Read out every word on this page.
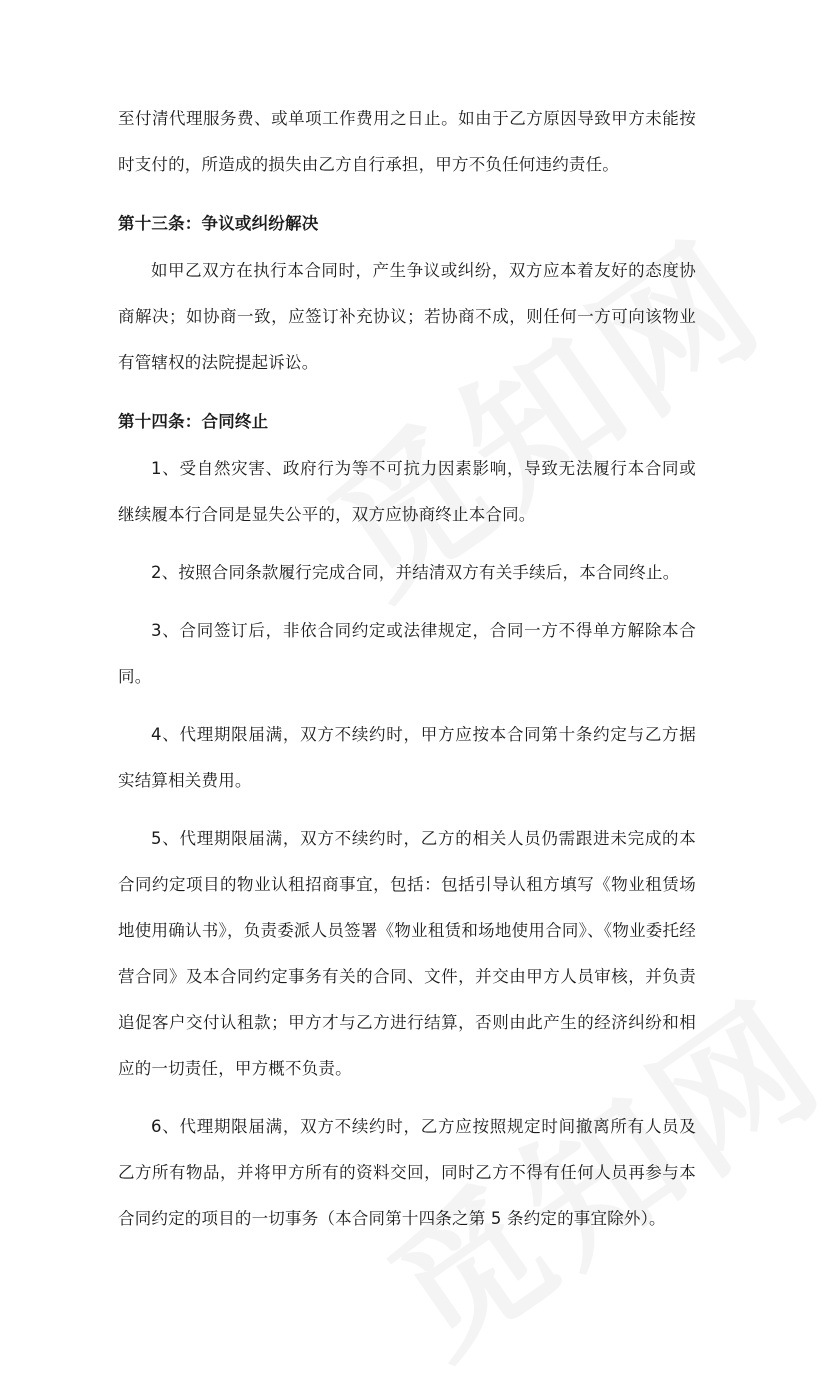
至付清代理服务费、或单项工作费用之日止。如由于乙方原因导致甲方未能按时支付的，所造成的损失由乙方自行承担，甲方不负任何违约责任。

第十三条：争议或纠纷解决

如甲乙双方在执行本合同时，产生争议或纠纷，双方应本着友好的态度协商解决；如协商一致，应签订补充协议；若协商不成，则任何一方可向该物业有管辖权的法院提起诉讼。

第十四条：合同终止

1、受自然灾害、政府行为等不可抗力因素影响，导致无法履行本合同或继续履本行合同是显失公平的，双方应协商终止本合同。

2、按照合同条款履行完成合同，并结清双方有关手续后，本合同终止。

3、合同签订后，非依合同约定或法律规定，合同一方不得单方解除本合同。

4、代理期限届满，双方不续约时，甲方应按本合同第十条约定与乙方据实结算相关费用。

5、代理期限届满，双方不续约时，乙方的相关人员仍需跟进未完成的本合同约定项目的物业认租招商事宜，包括：包括引导认租方填写《物业租赁场地使用确认书》，负责委派人员签署《物业租赁和场地使用合同》、《物业委托经营合同》及本合同约定事务有关的合同、文件，并交由甲方人员审核，并负责追促客户交付认租款；甲方才与乙方进行结算，否则由此产生的经济纠纷和相应的一切责任，甲方概不负责。

6、代理期限届满，双方不续约时，乙方应按照规定时间撤离所有人员及乙方所有物品，并将甲方所有的资料交回，同时乙方不得有任何人员再参与本合同约定的项目的一切事务（本合同第十四条之第 5 条约定的事宜除外）。
